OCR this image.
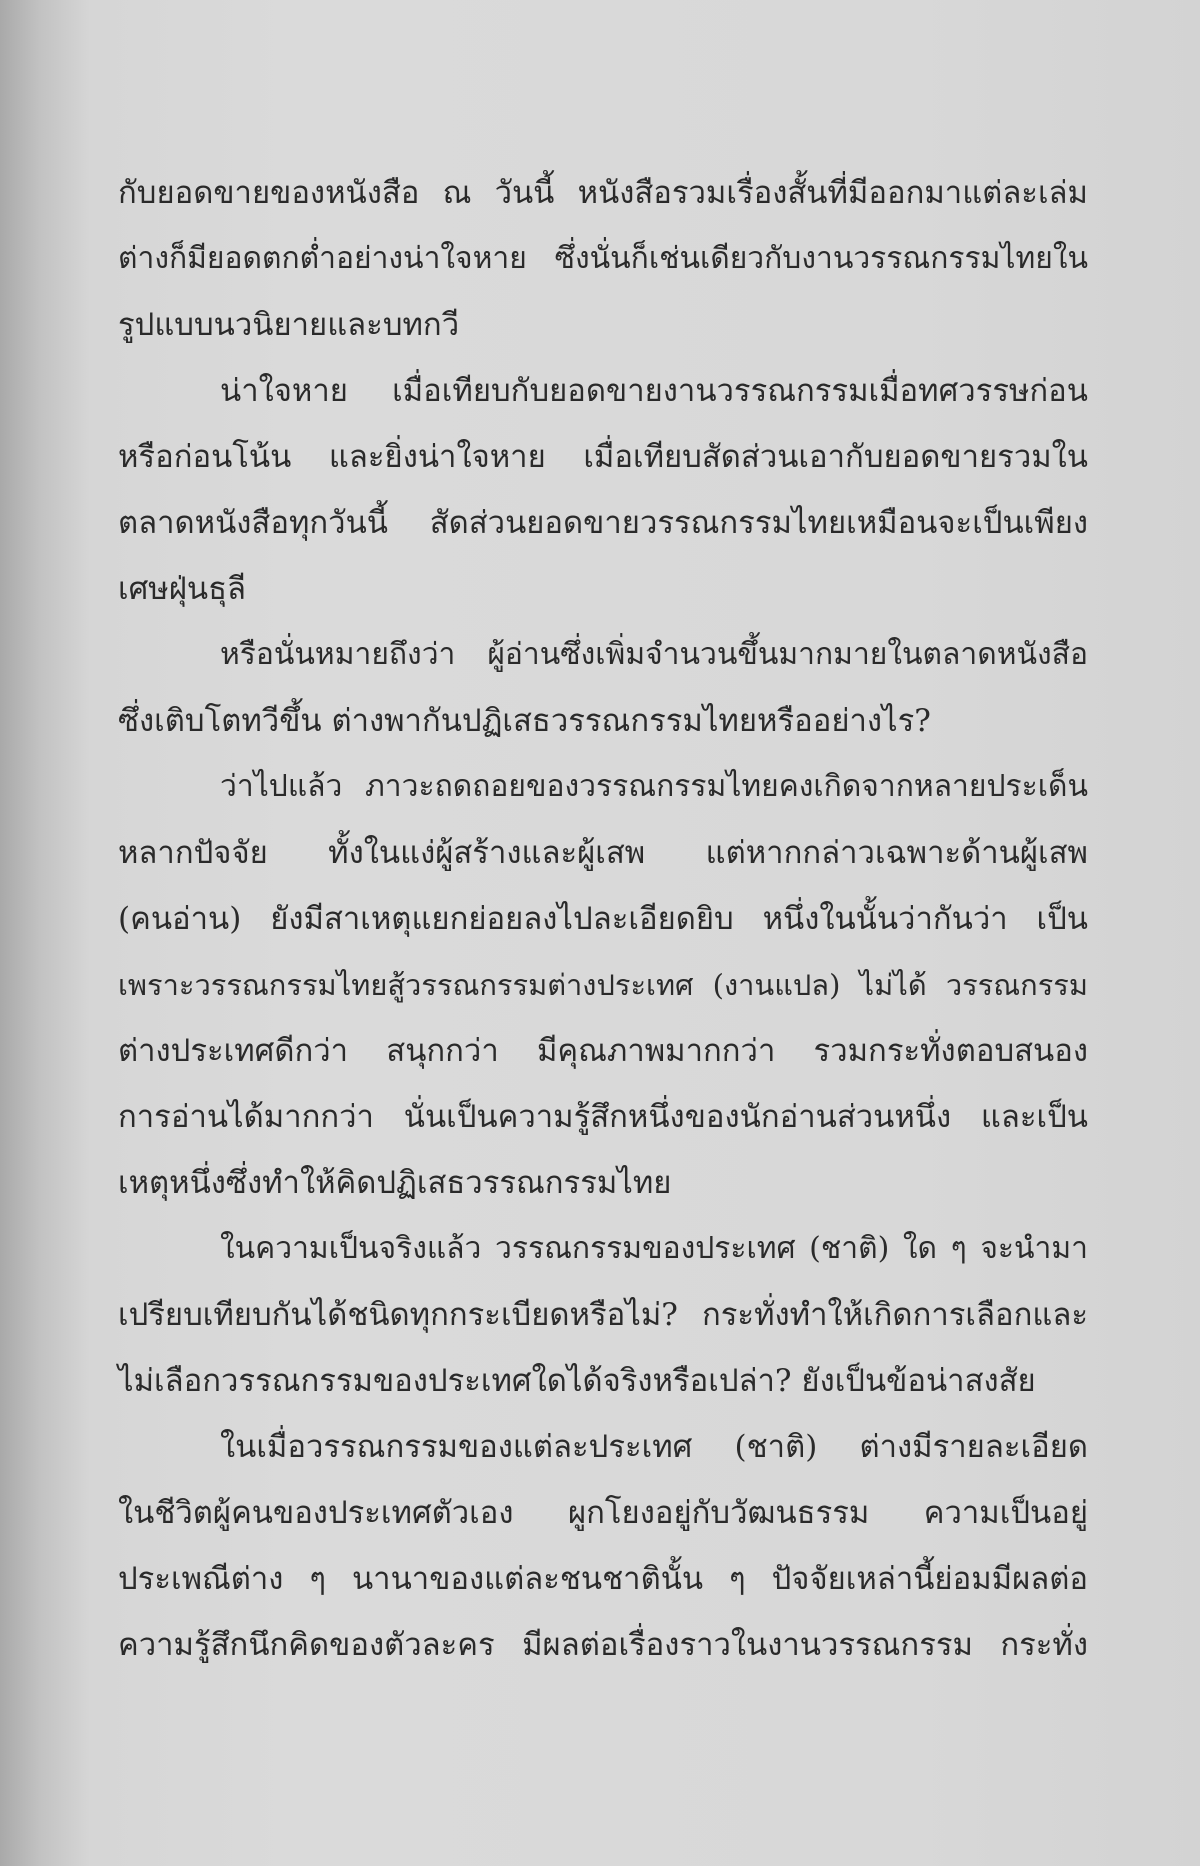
กับยอดขายของหนังสือ ณ วันนี้ หนังสือรวมเรื่องสั้นที่มีออกมาแต่ละเล่ม
ต่างก็มียอดตกต่ำอย่างน่าใจหาย ซึ่งนั่นก็เช่นเดียวกับงานวรรณกรรมไทยใน
รูปแบบนวนิยายและบทกวี
น่าใจหาย เมื่อเทียบกับยอดขายงานวรรณกรรมเมื่อทศวรรษก่อน
หรือก่อนโน้น และยิ่งน่าใจหาย เมื่อเทียบสัดส่วนเอากับยอดขายรวมใน
ตลาดหนังสือทุกวันนี้ สัดส่วนยอดขายวรรณกรรมไทยเหมือนจะเป็นเพียง
เศษฝุ่นธุลี
หรือนั่นหมายถึงว่า ผู้อ่านซึ่งเพิ่มจำนวนขึ้นมากมายในตลาดหนังสือ
ซึ่งเติบโตทวีขึ้น ต่างพากันปฏิเสธวรรณกรรมไทยหรืออย่างไร?
ว่าไปแล้ว ภาวะถดถอยของวรรณกรรมไทยคงเกิดจากหลายประเด็น
หลากปัจจัย ทั้งในแง่ผู้สร้างและผู้เสพ แต่หากกล่าวเฉพาะด้านผู้เสพ
(คนอ่าน) ยังมีสาเหตุแยกย่อยลงไปละเอียดยิบ หนึ่งในนั้นว่ากันว่า เป็น
เพราะวรรณกรรมไทยสู้วรรณกรรมต่างประเทศ (งานแปล) ไม่ได้ วรรณกรรม
ต่างประเทศดีกว่า สนุกกว่า มีคุณภาพมากกว่า รวมกระทั่งตอบสนอง
การอ่านได้มากกว่า นั่นเป็นความรู้สึกหนึ่งของนักอ่านส่วนหนึ่ง และเป็น
เหตุหนึ่งซึ่งทำให้คิดปฏิเสธวรรณกรรมไทย
ในความเป็นจริงแล้ว วรรณกรรมของประเทศ (ชาติ) ใด ๆ จะนำมา
เปรียบเทียบกันได้ชนิดทุกกระเบียดหรือไม่? กระทั่งทำให้เกิดการเลือกและ
ไม่เลือกวรรณกรรมของประเทศใดได้จริงหรือเปล่า? ยังเป็นข้อน่าสงสัย
ในเมื่อวรรณกรรมของแต่ละประเทศ (ชาติ) ต่างมีรายละเอียด
ในชีวิตผู้คนของประเทศตัวเอง ผูกโยงอยู่กับวัฒนธรรม ความเป็นอยู่
ประเพณีต่าง ๆ นานาของแต่ละชนชาตินั้น ๆ ปัจจัยเหล่านี้ย่อมมีผลต่อ
ความรู้สึกนึกคิดของตัวละคร มีผลต่อเรื่องราวในงานวรรณกรรม กระทั่ง
